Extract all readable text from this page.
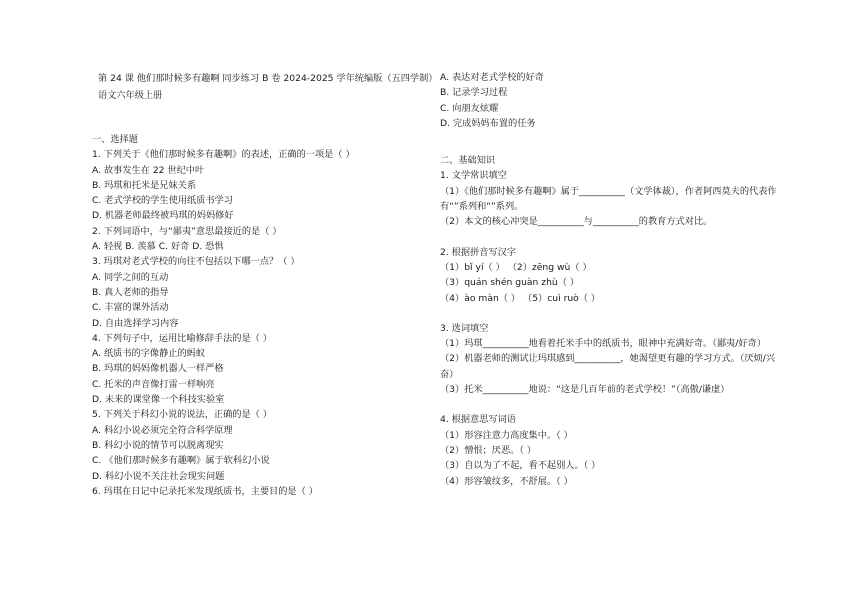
第 24 课 他们那时候多有趣啊 同步练习 B 卷 2024-2025 学年统编版（五四学制）语文六年级上册
一、选择题
1. 下列关于《他们那时候多有趣啊》的表述，正确的一项是（ ）
A. 故事发生在 22 世纪中叶
B. 玛琪和托米是兄妹关系
C. 老式学校的学生使用纸质书学习
D. 机器老师最终被玛琪的妈妈修好
2. 下列词语中，与“鄙夷”意思最接近的是（ ）
A. 轻视 B. 羡慕 C. 好奇 D. 恐惧
3. 玛琪对老式学校的向往不包括以下哪一点？（ ）
A. 同学之间的互动
B. 真人老师的指导
C. 丰富的课外活动
D. 自由选择学习内容
4. 下列句子中，运用比喻修辞手法的是（ ）
A. 纸质书的字像静止的蚂蚁
B. 玛琪的妈妈像机器人一样严格
C. 托米的声音像打雷一样响亮
D. 未来的课堂像一个科技实验室
5. 下列关于科幻小说的说法，正确的是（ ）
A. 科幻小说必须完全符合科学原理
B. 科幻小说的情节可以脱离现实
C. 《他们那时候多有趣啊》属于软科幻小说
D. 科幻小说不关注社会现实问题
6. 玛琪在日记中记录托米发现纸质书，主要目的是（ ）
A. 表达对老式学校的好奇
B. 记录学习过程
C. 向朋友炫耀
D. 完成妈妈布置的任务
二、基础知识
1. 文学常识填空
（1）《他们那时候多有趣啊》属于__________（文学体裁），作者阿西莫夫的代表作有“”系列和“”系列。
（2）本文的核心冲突是__________与__________的教育方式对比。
2. 根据拼音写汉字
（1）bǐ yí（ ） （2）zēng wù（ ）
（3）quán shén guàn zhù（ ）
（4）ào màn（ ） （5）cuì ruò（ ）
3. 选词填空
（1）玛琪__________地看着托米手中的纸质书，眼神中充满好奇。（鄙夷/好奇）
（2）机器老师的测试让玛琪感到__________，她渴望更有趣的学习方式。（厌烦/兴奋）
（3）托米__________地说：“这是几百年前的老式学校！”（高傲/谦虚）
4. 根据意思写词语
（1）形容注意力高度集中。（ ）
（2）憎恨；厌恶。（ ）
（3）自以为了不起，看不起别人。（ ）
（4）形容皱纹多，不舒展。（ ）
